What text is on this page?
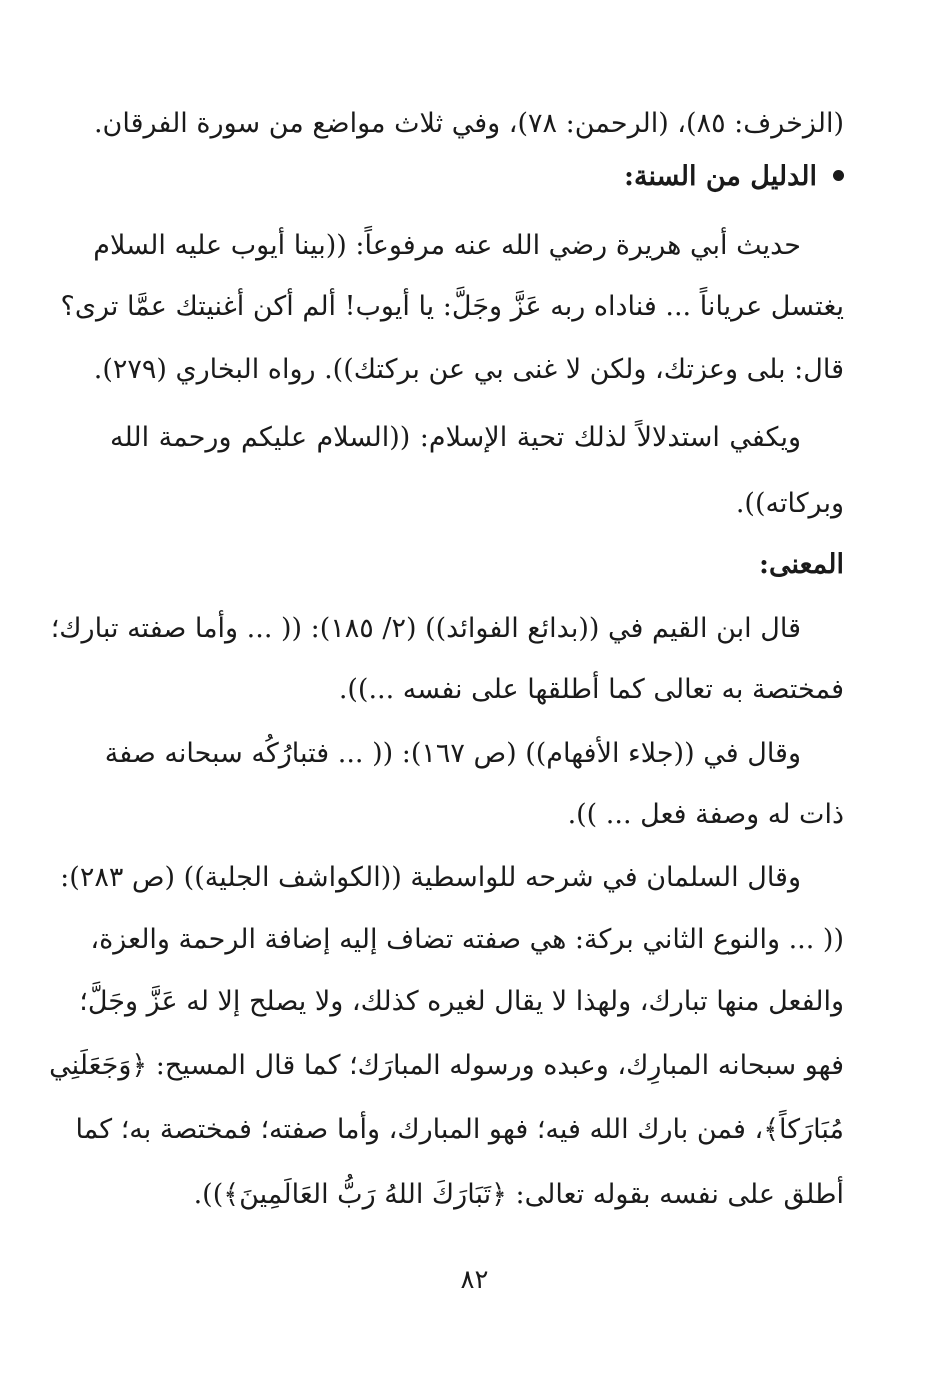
(الزخرف: ٨٥)، (الرحمن: ٧٨)، وفي ثلاث مواضع من سورة الفرقان.
الدليل من السنة:
حديث أبي هريرة رضي الله عنه مرفوعاً: ((بينا أيوب عليه السلام
يغتسل عرياناً ... فناداه ربه عَزَّ وجَلَّ: يا أيوب! ألم أكن أغنيتك عمَّا ترى؟
قال: بلى وعزتك، ولكن لا غنى بي عن بركتك)). رواه البخاري (٢٧٩).
ويكفي استدلالاً لذلك تحية الإسلام: ((السلام عليكم ورحمة الله
وبركاته)).
المعنى:
قال ابن القيم في ((بدائع الفوائد)) (٢/ ١٨٥): (( ... وأما صفته تبارك؛
فمختصة به تعالى كما أطلقها على نفسه ...)).
وقال في ((جلاء الأفهام)) (ص ١٦٧): (( ... فتبارُكُه سبحانه صفة
ذات له وصفة فعل ... )).
وقال السلمان في شرحه للواسطية ((الكواشف الجلية)) (ص ٢٨٣):
(( ... والنوع الثاني بركة: هي صفته تضاف إليه إضافة الرحمة والعزة،
والفعل منها تبارك، ولهذا لا يقال لغيره كذلك، ولا يصلح إلا له عَزَّ وجَلَّ؛
فهو سبحانه المبارِك، وعبده ورسوله المبارَك؛ كما قال المسيح: ﴿وَجَعَلَنِي
مُبَارَكاً﴾، فمن بارك الله فيه؛ فهو المبارك، وأما صفته؛ فمختصة به؛ كما
أطلق على نفسه بقوله تعالى: ﴿تَبَارَكَ اللهُ رَبُّ العَالَمِينَ﴾)).
٨٢
